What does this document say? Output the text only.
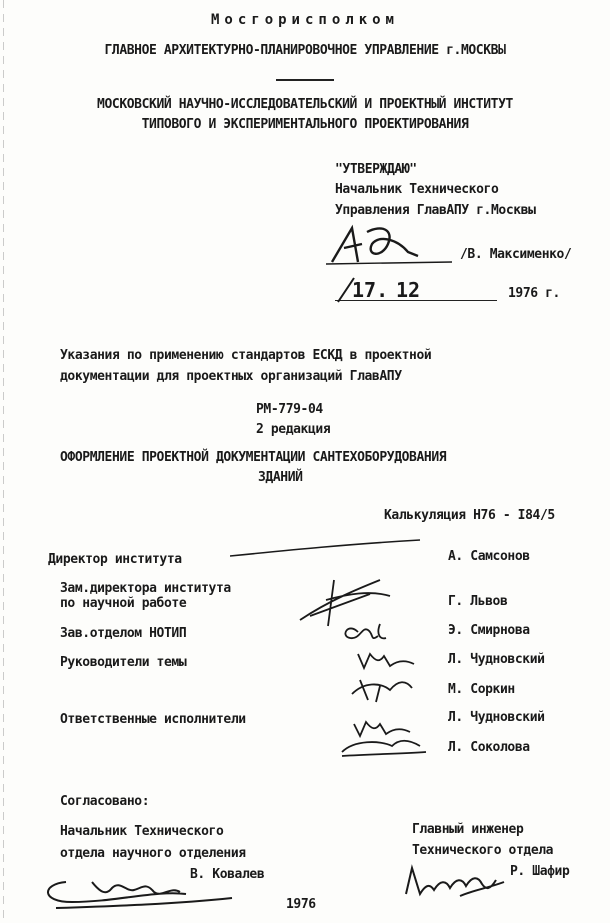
Мосгорисполком
ГЛАВНОЕ АРХИТЕКТУРНО-ПЛАНИРОВОЧНОЕ УПРАВЛЕНИЕ г.МОСКВЫ
МОСКОВСКИЙ НАУЧНО-ИССЛЕДОВАТЕЛЬСКИЙ И ПРОЕКТНЫЙ ИНСТИТУТ
ТИПОВОГО И ЭКСПЕРИМЕНТАЛЬНОГО ПРОЕКТИРОВАНИЯ
"УТВЕРЖДАЮ"
Начальник Технического
Управления ГлавАПУ г.Москвы
/В. Максименко/
17. 12	1976 г.
Указания по применению стандартов ЕСКД в проектной
документации для проектных организаций ГлавАПУ
РМ-779-04
2 редакция
ОФОРМЛЕНИЕ ПРОЕКТНОЙ ДОКУМЕНТАЦИИ САНТЕХОБОРУДОВАНИЯ
ЗДАНИЙ
Калькуляция Н76 - I84/5
Директор института	А. Самсонов
Зам.директора института
по научной работе	Г. Львов
Зав.отделом НОТИП	Э. Смирнова
Руководители темы	Л. Чудновский
М. Соркин
Ответственные исполнители	Л. Чудновский
Л. Соколова
Согласовано:
Начальник Технического
отдела научного отделения
В. Ковалев
Главный инженер
Технического отдела
Р. Шафир
1976
